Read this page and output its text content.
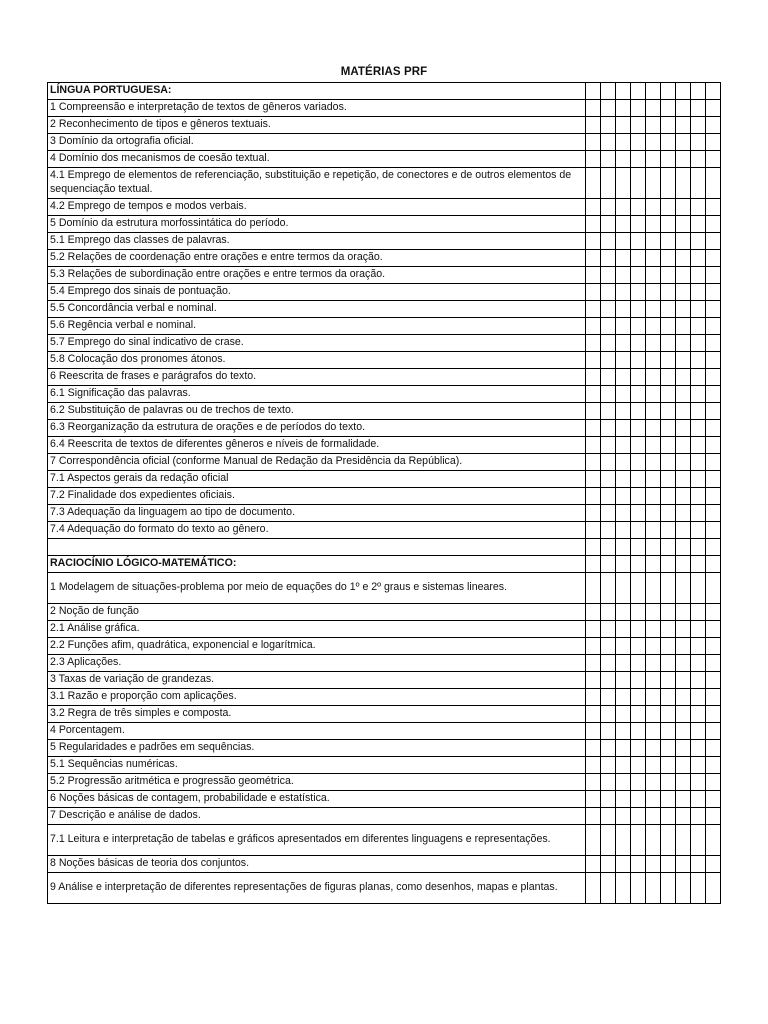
MATÉRIAS PRF
LÍNGUA PORTUGUESA:									
1 Compreensão e interpretação de textos de gêneros variados.									
2 Reconhecimento de tipos e gêneros textuais.									
3 Domínio da ortografia oficial.									
4 Domínio dos mecanismos de coesão textual.									
4.1 Emprego de elementos de referenciação, substituição e repetição, de conectores e de outros elementos de sequenciação textual.									
4.2 Emprego de tempos e modos verbais.									
5 Domínio da estrutura morfossintática do período.									
5.1 Emprego das classes de palavras.									
5.2 Relações de coordenação entre orações e entre termos da oração.									
5.3 Relações de subordinação entre orações e entre termos da oração.									
5.4 Emprego dos sinais de pontuação.									
5.5 Concordância verbal e nominal.									
5.6 Regência verbal e nominal.									
5.7 Emprego do sinal indicativo de crase.									
5.8 Colocação dos pronomes átonos.									
6 Reescrita de frases e parágrafos do texto.									
6.1 Significação das palavras.									
6.2 Substituição de palavras ou de trechos de texto.									
6.3 Reorganização da estrutura de orações e de períodos do texto.									
6.4 Reescrita de textos de diferentes gêneros e níveis de formalidade.									
7 Correspondência oficial (conforme Manual de Redação da Presidência da República).									
7.1 Aspectos gerais da redação oficial									
7.2 Finalidade dos expedientes oficiais.									
7.3 Adequação da linguagem ao tipo de documento.									
7.4 Adequação do formato do texto ao gênero.									

RACIOCÍNIO LÓGICO-MATEMÁTICO:									
1 Modelagem de situações-problema por meio de equações do 1º e 2º graus e sistemas lineares.									
2 Noção de função									
2.1 Análise gráfica.									
2.2 Funções afim, quadrática, exponencial e logarítmica.									
2.3 Aplicações.									
3 Taxas de variação de grandezas.									
3.1 Razão e proporção com aplicações.									
3.2 Regra de três simples e composta.									
4 Porcentagem.									
5 Regularidades e padrões em sequências.									
5.1 Sequências numéricas.									
5.2 Progressão aritmética e progressão geométrica.									
6 Noções básicas de contagem, probabilidade e estatística.									
7 Descrição e análise de dados.									
7.1 Leitura e interpretação de tabelas e gráficos apresentados em diferentes linguagens e representações.									
8 Noções básicas de teoria dos conjuntos.									
9 Análise e interpretação de diferentes representações de figuras planas, como desenhos, mapas e plantas.									
